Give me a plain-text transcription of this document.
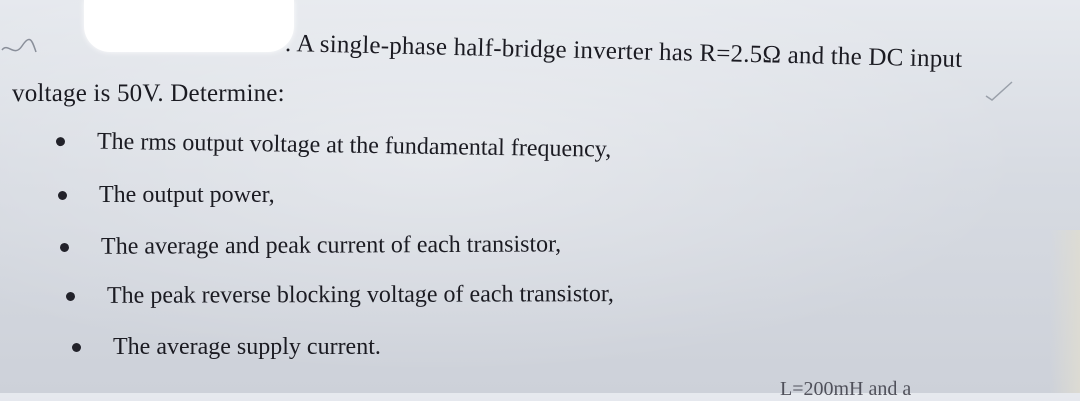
. A single-phase half-bridge inverter has R=2.5Ω and the DC input
voltage is 50V. Determine:
The rms output voltage at the fundamental frequency,
The output power,
The average and peak current of each transistor,
The peak reverse blocking voltage of each transistor,
The average supply current.
L=200mH and a
